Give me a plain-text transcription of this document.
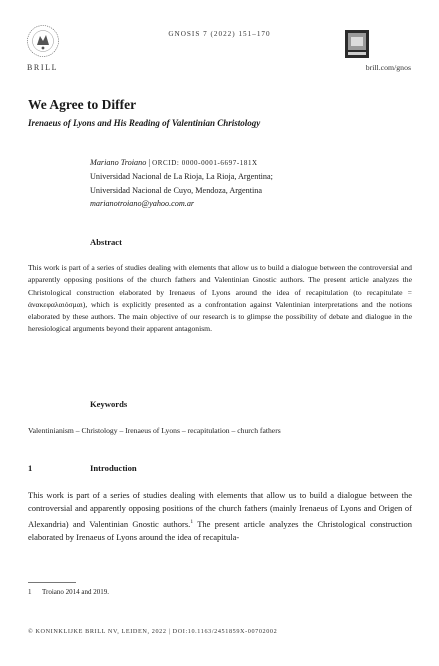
BRILL
GNOSIS 7 (2022) 151–170
brill.com/gnos
We Agree to Differ
Irenaeus of Lyons and His Reading of Valentinian Christology
Mariano Troiano | ORCID: 0000-0001-6697-181X
Universidad Nacional de La Rioja, La Rioja, Argentina;
Universidad Nacional de Cuyo, Mendoza, Argentina
marianotroiano@yahoo.com.ar
Abstract
This work is part of a series of studies dealing with elements that allow us to build a dialogue between the controversial and apparently opposing positions of the church fathers and Valentinian Gnostic authors. The present article analyzes the Christological construction elaborated by Irenaeus of Lyons around the idea of recapitulation (to recapitulate = ἀνακεφαλαιόσμαι), which is explicitly presented as a confrontation against Valentinian interpretations and the notions elaborated by these authors. The main objective of our research is to glimpse the possibility of debate and dialogue in the heresiological arguments beyond their apparent antagonism.
Keywords
Valentinianism – Christology – Irenaeus of Lyons – recapitulation – church fathers
1	Introduction
This work is part of a series of studies dealing with elements that allow us to build a dialogue between the controversial and apparently opposing positions of the church fathers (mainly Irenaeus of Lyons and Origen of Alexandria) and Valentinian Gnostic authors.$^1$ The present article analyzes the Christological construction elaborated by Irenaeus of Lyons around the idea of recapitula-
1 Troiano 2014 and 2019.
© KONINKLIJKE BRILL NV, LEIDEN, 2022 | DOI:10.1163/2451859X-00702002
